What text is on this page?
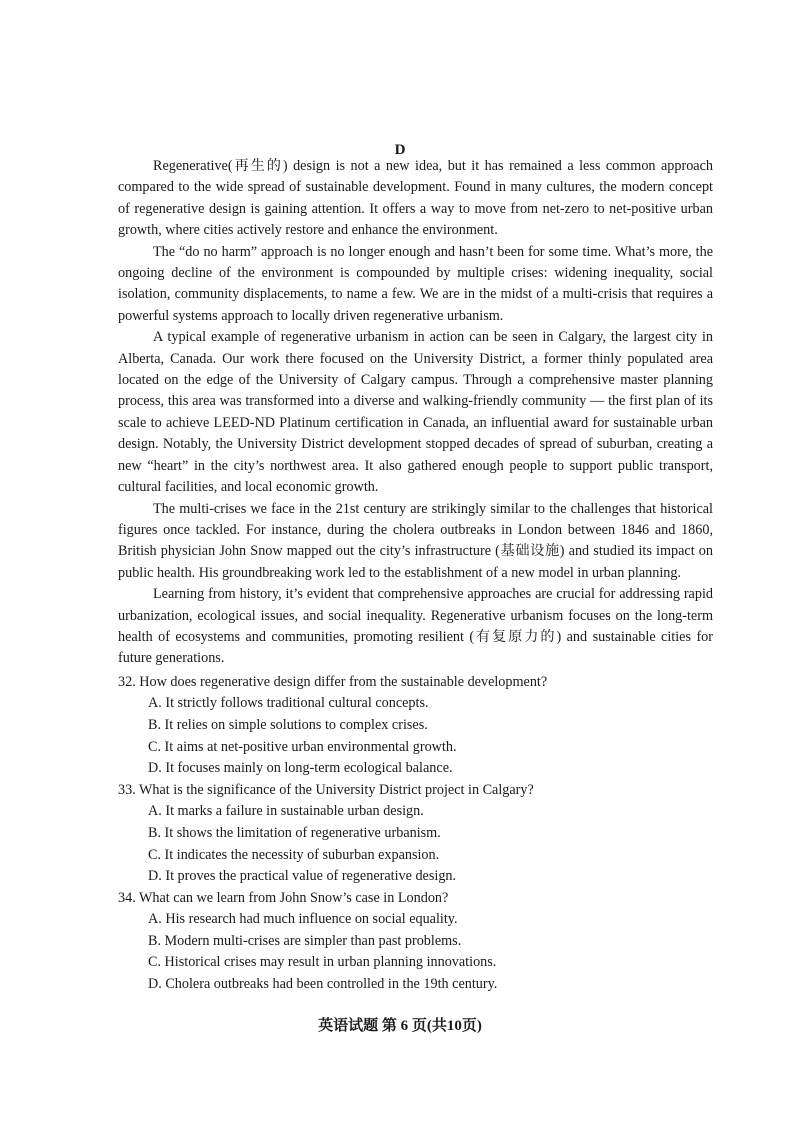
D

Regenerative(再生的) design is not a new idea, but it has remained a less common approach compared to the wide spread of sustainable development. Found in many cultures, the modern concept of regenerative design is gaining attention. It offers a way to move from net-zero to net-positive urban growth, where cities actively restore and enhance the environment.

The “do no harm” approach is no longer enough and hasn’t been for some time. What’s more, the ongoing decline of the environment is compounded by multiple crises: widening inequality, social isolation, community displacements, to name a few. We are in the midst of a multi-crisis that requires a powerful systems approach to locally driven regenerative urbanism.

A typical example of regenerative urbanism in action can be seen in Calgary, the largest city in Alberta, Canada. Our work there focused on the University District, a former thinly populated area located on the edge of the University of Calgary campus. Through a comprehensive master planning process, this area was transformed into a diverse and walking-friendly community — the first plan of its scale to achieve LEED-ND Platinum certification in Canada, an influential award for sustainable urban design. Notably, the University District development stopped decades of spread of suburban, creating a new “heart” in the city’s northwest area. It also gathered enough people to support public transport, cultural facilities, and local economic growth.

The multi-crises we face in the 21st century are strikingly similar to the challenges that historical figures once tackled. For instance, during the cholera outbreaks in London between 1846 and 1860, British physician John Snow mapped out the city’s infrastructure (基础设施) and studied its impact on public health. His groundbreaking work led to the establishment of a new model in urban planning.

Learning from history, it’s evident that comprehensive approaches are crucial for addressing rapid urbanization, ecological issues, and social inequality. Regenerative urbanism focuses on the long-term health of ecosystems and communities, promoting resilient (有复原力的) and sustainable cities for future generations.

32. How does regenerative design differ from the sustainable development?

A. It strictly follows traditional cultural concepts.

B. It relies on simple solutions to complex crises.

C. It aims at net-positive urban environmental growth.

D. It focuses mainly on long-term ecological balance.

33. What is the significance of the University District project in Calgary?

A. It marks a failure in sustainable urban design.

B. It shows the limitation of regenerative urbanism.

C. It indicates the necessity of suburban expansion.

D. It proves the practical value of regenerative design.

34. What can we learn from John Snow’s case in London?

A. His research had much influence on social equality.

B. Modern multi-crises are simpler than past problems.

C. Historical crises may result in urban planning innovations.

D. Cholera outbreaks had been controlled in the 19th century.

英语试题 第 6 页(共10页)
